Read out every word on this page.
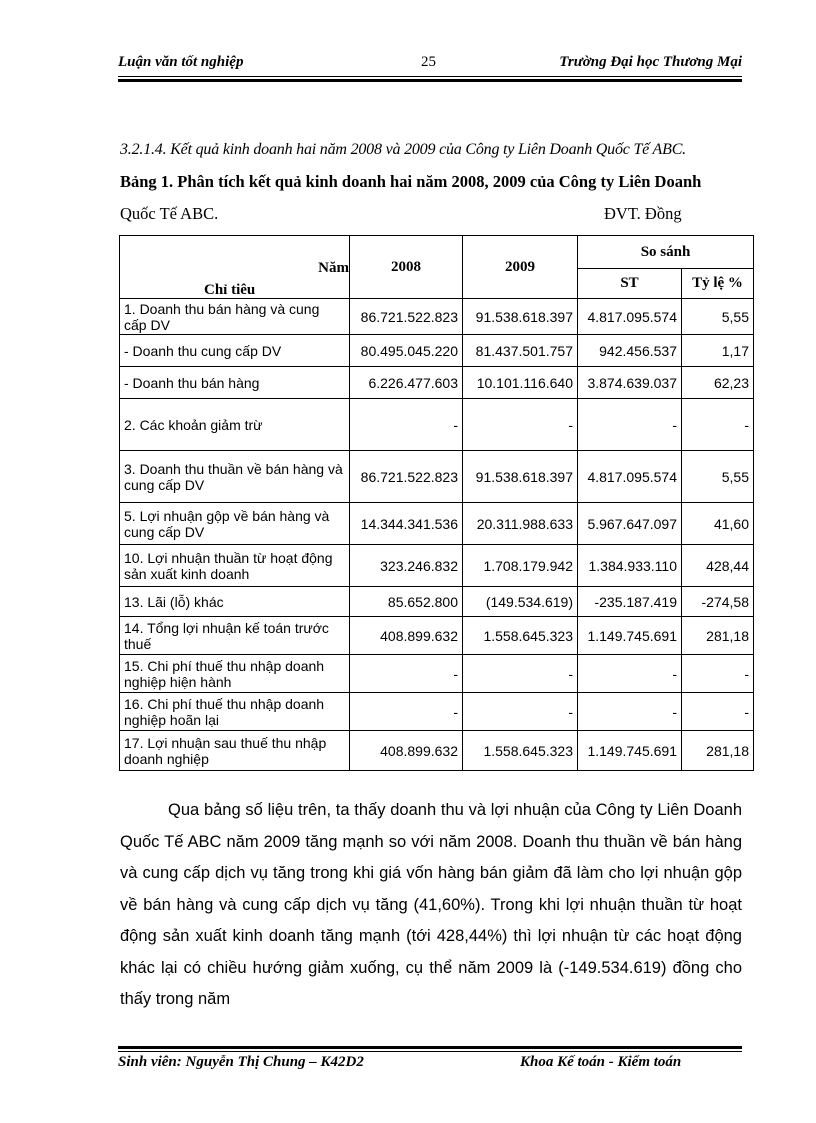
Luận văn tốt nghiệp	25	Trường Đại học Thương Mại
3.2.1.4. Kết quả kinh doanh hai năm 2008 và 2009 của Công ty Liên Doanh Quốc Tế ABC.
Bảng 1. Phân tích kết quả kinh doanh hai năm 2008, 2009 của Công ty Liên Doanh
Quốc Tế ABC.	ĐVT. Đồng
Năm
Chỉ tiêu	2008	2009	So sánh	
			ST	Tỷ lệ %
1. Doanh thu bán hàng và cung cấp DV	86.721.522.823	91.538.618.397	4.817.095.574	5,55
- Doanh thu cung cấp DV	80.495.045.220	81.437.501.757	942.456.537	1,17
- Doanh thu bán hàng	6.226.477.603	10.101.116.640	3.874.639.037	62,23
2. Các khoản giảm trừ	-	-	-	-
3. Doanh thu thuần về bán hàng và cung cấp DV	86.721.522.823	91.538.618.397	4.817.095.574	5,55
5. Lợi nhuận gộp về bán hàng và cung cấp DV	14.344.341.536	20.311.988.633	5.967.647.097	41,60
10. Lợi nhuận thuần từ hoạt động sản xuất kinh doanh	323.246.832	1.708.179.942	1.384.933.110	428,44
13. Lãi (lỗ) khác	85.652.800	(149.534.619)	-235.187.419	-274,58
14. Tổng lợi nhuận kế toán trước thuế	408.899.632	1.558.645.323	1.149.745.691	281,18
15. Chi phí thuế thu nhập doanh nghiệp hiện hành	-	-	-	-
16. Chi phí thuế thu nhập doanh nghiệp hoãn lại	-	-	-	-
17. Lợi nhuận sau thuế thu nhập doanh nghiệp	408.899.632	1.558.645.323	1.149.745.691	281,18

Qua bảng số liệu trên, ta thấy doanh thu và lợi nhuận của Công ty Liên Doanh Quốc Tế ABC năm 2009 tăng mạnh so với năm 2008. Doanh thu thuần về bán hàng và cung cấp dịch vụ tăng trong khi giá vốn hàng bán giảm đã làm cho lợi nhuận gộp về bán hàng và cung cấp dịch vụ tăng (41,60%). Trong khi lợi nhuận thuần từ hoạt động sản xuất kinh doanh tăng mạnh (tới 428,44%) thì lợi nhuận từ các hoạt động khác lại có chiều hướng giảm xuống, cụ thể năm 2009 là (-149.534.619) đồng cho thấy trong năm

Sinh viên: Nguyễn Thị Chung – K42D2	Khoa Kế toán - Kiểm toán
